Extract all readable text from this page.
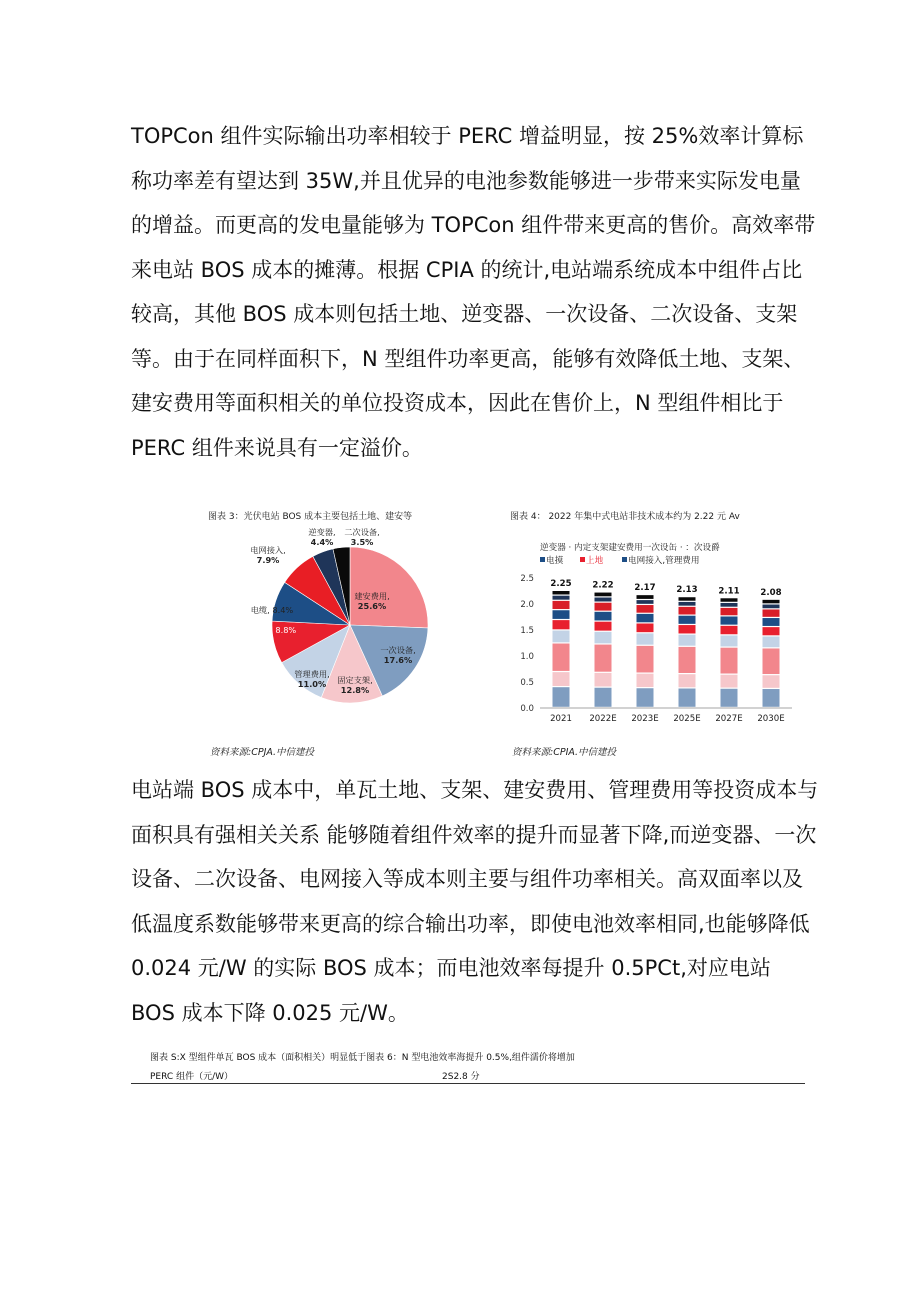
TOPCon 组件实际输出功率相较于 PERC 增益明显，按 25%效率计算标称功率差有望达到 35W,并且优异的电池参数能够进一步带来实际发电量的增益。而更高的发电量能够为 TOPCon 组件带来更高的售价。高效率带来电站 BOS 成本的摊薄。根据 CPIA 的统计,电站端系统成本中组件占比较高，其他 BOS 成本则包括土地、逆变器、一次设备、二次设备、支架等。由于在同样面积下，N 型组件功率更高，能够有效降低土地、支架、建安费用等面积相关的单位投资成本，因此在售价上，N 型组件相比于 PERC 组件来说具有一定溢价。

图表 3：光伏电站 BOS 成本主要包括土地、建安等	图表 4： 2022 年集中式电站非技术成本约为 2.22 元 Av
建安费用,
25.6%
一次设备,
17.6%
固定支架,
12.8%
管理费用,
11.0%
土地, 8.8%
电缆, 8.4%
电网接入,
7.9%
逆变器,
4.4%
二次设备,
3.5%
逆变器 · 内定支架建安费用一次设缶 · ：次设爵
电摸	上地	电网接入,管理费用
0.0
0.5
1.0
1.5
2.0
2.5 2.25
2021
2.22
2022E
2.17
2023E
2.13
2025E
2.11
2027E
2.08
2030E
资料来源:CPJA.中信建投	资料来源:CPIA.中信建投

电站端 BOS 成本中，单瓦土地、支架、建安费用、管理费用等投资成本与面积具有强相关关系 能够随着组件效率的提升而显著下降,而逆变器、一次设备、二次设备、电网接入等成本则主要与组件功率相关。高双面率以及低温度系数能够带来更高的综合输出功率，即使电池效率相同,也能够降低 0.024 元/W 的实际 BOS 成本；而电池效率每提升 0.5PCt,对应电站 BOS 成本下降 0.025 元/W。

图表 S:X 型组件单瓦 BOS 成本（面积相关）明显低于图表 6：N 型电池效率海提升 0.5%,组件濡价将增加
PERC 组件（元/W）	2S2.8 分
